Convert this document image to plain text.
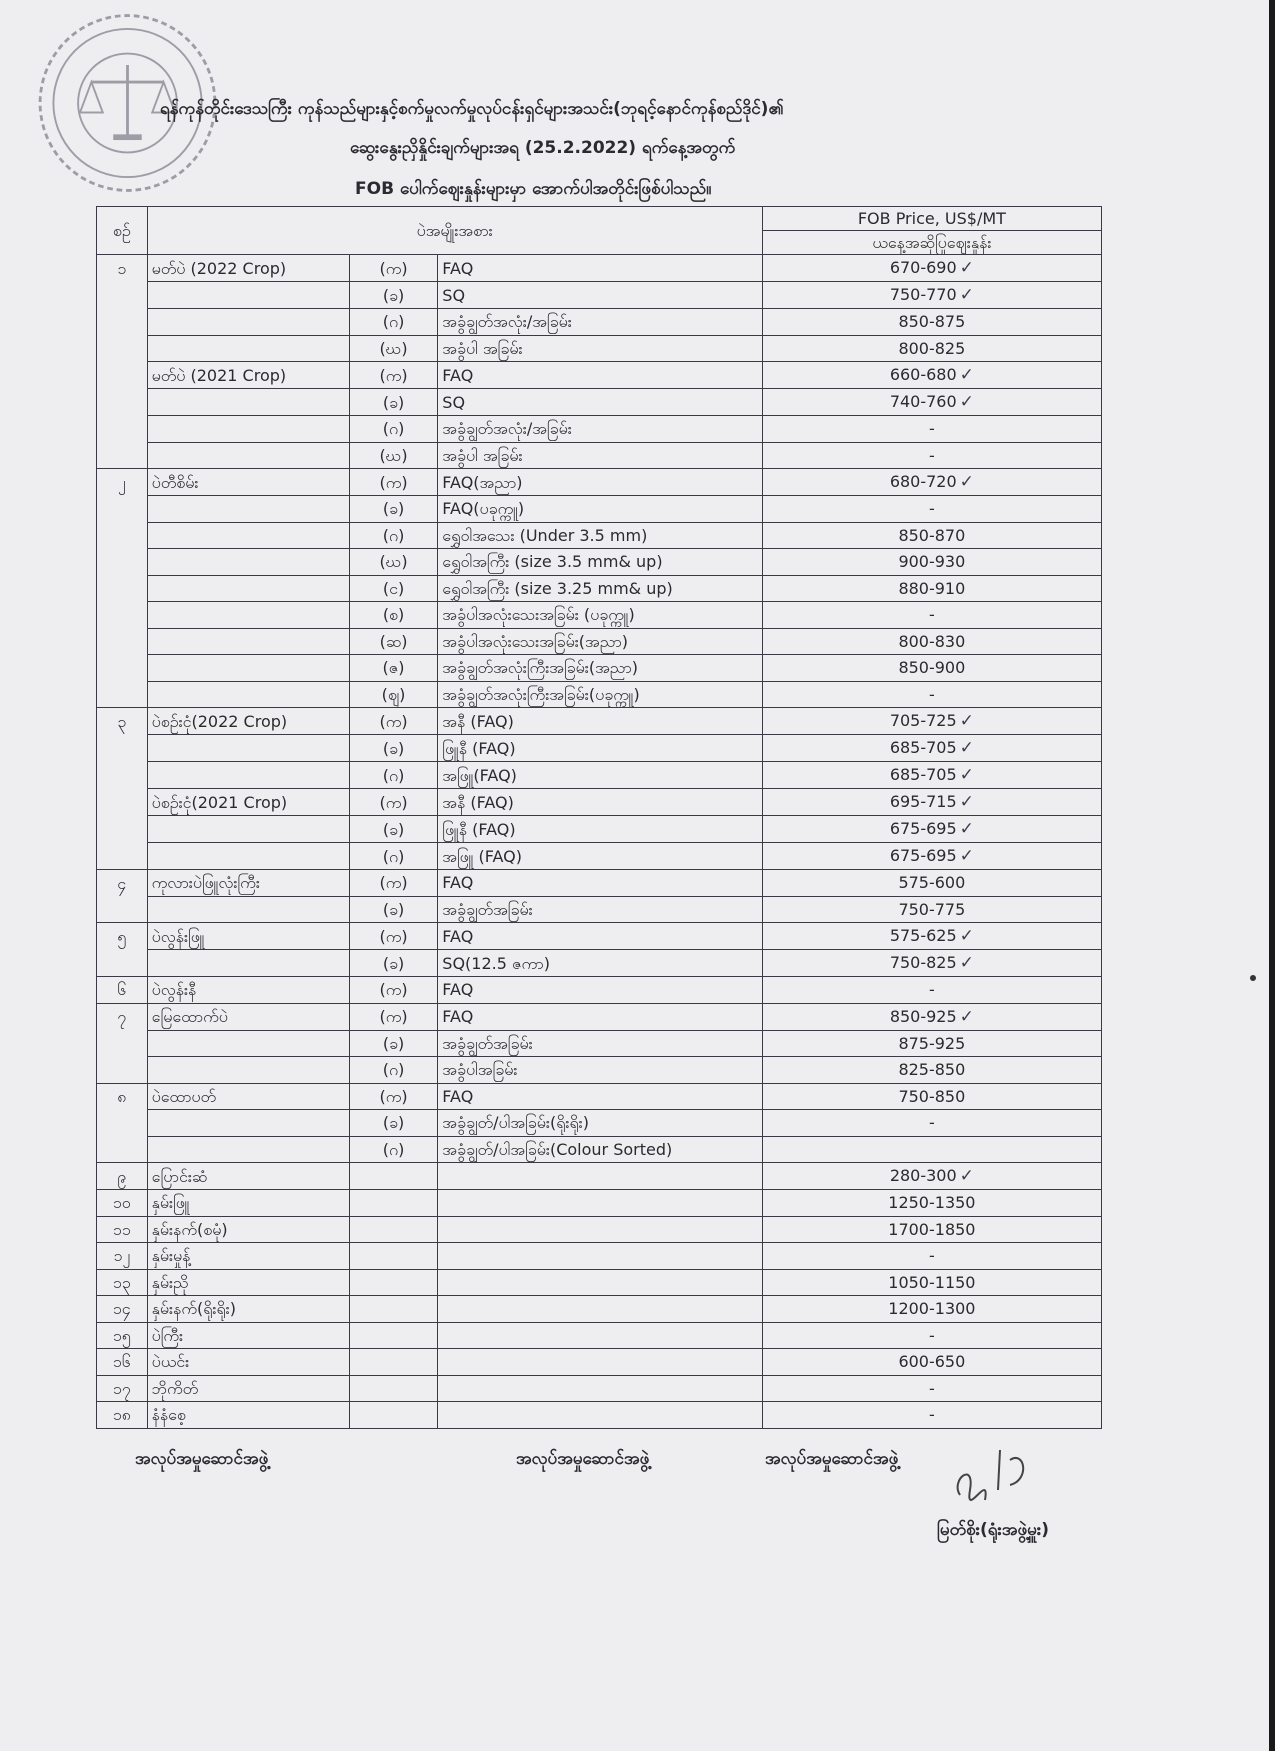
ရန်ကုန်တိုင်းဒေသကြီး ကုန်သည်များနှင့်စက်မှုလက်မှုလုပ်ငန်းရှင်များအသင်း(ဘုရင့်နောင်ကုန်စည်ဒိုင်)၏
ဆွေးနွေးညှိနှိုင်းချက်များအရ (25.2.2022) ရက်နေ့အတွက်
FOB ပေါက်ဈေးနှုန်းများမှာ အောက်ပါအတိုင်းဖြစ်ပါသည်။
စဉ်	ပဲအမျိုးအစား			FOB Price, US$/MT
				ယနေ့အဆိုပြုဈေးနှုန်း
၁	မတ်ပဲ (2022 Crop)	(က)	FAQ	670-690 ✓
		(ခ)	SQ	750-770 ✓
		(ဂ)	အခွံချွတ်အလုံး/အခြမ်း	850-875
		(ဃ)	အခွံပါ အခြမ်း	800-825
	မတ်ပဲ (2021 Crop)	(က)	FAQ	660-680 ✓
		(ခ)	SQ	740-760 ✓
		(ဂ)	အခွံချွတ်အလုံး/အခြမ်း	-
		(ဃ)	အခွံပါ အခြမ်း	-
၂	ပဲတီစိမ်း	(က)	FAQ(အညာ)	680-720 ✓
		(ခ)	FAQ(ပခုက္ကူ)	-
		(ဂ)	ရွှေဝါအသေး (Under 3.5 mm)	850-870
		(ဃ)	ရွှေဝါအကြီး (size 3.5 mm& up)	900-930
		(င)	ရွှေဝါအကြီး (size 3.25 mm& up)	880-910
		(စ)	အခွံပါအလုံးသေးအခြမ်း (ပခုက္ကူ)	-
		(ဆ)	အခွံပါအလုံးသေးအခြမ်း(အညာ)	800-830
		(ဇ)	အခွံချွတ်အလုံးကြီးအခြမ်း(အညာ)	850-900
		(ဈ)	အခွံချွတ်အလုံးကြီးအခြမ်း(ပခုက္ကူ)	-
၃	ပဲစဉ်းငုံ(2022 Crop)	(က)	အနီ (FAQ)	705-725 ✓
		(ခ)	ဖြူနီ (FAQ)	685-705 ✓
		(ဂ)	အဖြူ(FAQ)	685-705 ✓
	ပဲစဉ်းငုံ(2021 Crop)	(က)	အနီ (FAQ)	695-715 ✓
		(ခ)	ဖြူနီ (FAQ)	675-695 ✓
		(ဂ)	အဖြူ (FAQ)	675-695 ✓
၄	ကုလားပဲဖြူလုံးကြီး	(က)	FAQ	575-600
		(ခ)	အခွံချွတ်အခြမ်း	750-775
၅	ပဲလွန်းဖြူ	(က)	FAQ	575-625 ✓
		(ခ)	SQ(12.5 ဇကာ)	750-825 ✓
၆	ပဲလွန်းနီ	(က)	FAQ	-
၇	မြေထောက်ပဲ	(က)	FAQ	850-925 ✓
		(ခ)	အခွံချွတ်အခြမ်း	875-925
		(ဂ)	အခွံပါအခြမ်း	825-850
၈	ပဲထောပတ်	(က)	FAQ	750-850
		(ခ)	အခွံချွတ်/ပါအခြမ်း(ရိုးရိုး)	-
		(ဂ)	အခွံချွတ်/ပါအခြမ်း(Colour Sorted)	
၉	ပြောင်းဆံ			280-300 ✓
၁၀	နှမ်းဖြူ			1250-1350
၁၁	နှမ်းနက်(စမုံ)			1700-1850
၁၂	နှမ်းမှုန့်			-
၁၃	နှမ်းညို			1050-1150
၁၄	နှမ်းနက်(ရိုးရိုး)			1200-1300
၁၅	ပဲကြီး			-
၁၆	ပဲယင်း			600-650
၁၇	ဘိုကိတ်			-
၁၈	နံနံစေ့			-
အလုပ်အမှုဆောင်အဖွဲ့	အလုပ်အမှုဆောင်အဖွဲ့	အလုပ်အမှုဆောင်အဖွဲ့
မြတ်စိုး(ရုံးအဖွဲ့မှူး)
